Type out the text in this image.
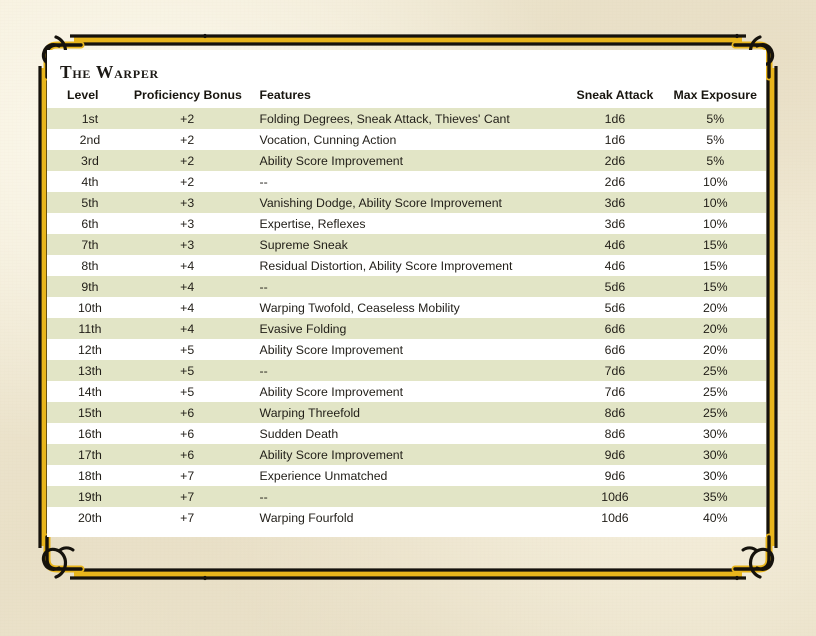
The Warper
Level	Proficiency Bonus	Features	Sneak Attack	Max Exposure
1st	+2	Folding Degrees, Sneak Attack, Thieves' Cant	1d6	5%
2nd	+2	Vocation, Cunning Action	1d6	5%
3rd	+2	Ability Score Improvement	2d6	5%
4th	+2	--	2d6	10%
5th	+3	Vanishing Dodge, Ability Score Improvement	3d6	10%
6th	+3	Expertise, Reflexes	3d6	10%
7th	+3	Supreme Sneak	4d6	15%
8th	+4	Residual Distortion, Ability Score Improvement	4d6	15%
9th	+4	--	5d6	15%
10th	+4	Warping Twofold, Ceaseless Mobility	5d6	20%
11th	+4	Evasive Folding	6d6	20%
12th	+5	Ability Score Improvement	6d6	20%
13th	+5	--	7d6	25%
14th	+5	Ability Score Improvement	7d6	25%
15th	+6	Warping Threefold	8d6	25%
16th	+6	Sudden Death	8d6	30%
17th	+6	Ability Score Improvement	9d6	30%
18th	+7	Experience Unmatched	9d6	30%
19th	+7	--	10d6	35%
20th	+7	Warping Fourfold	10d6	40%
